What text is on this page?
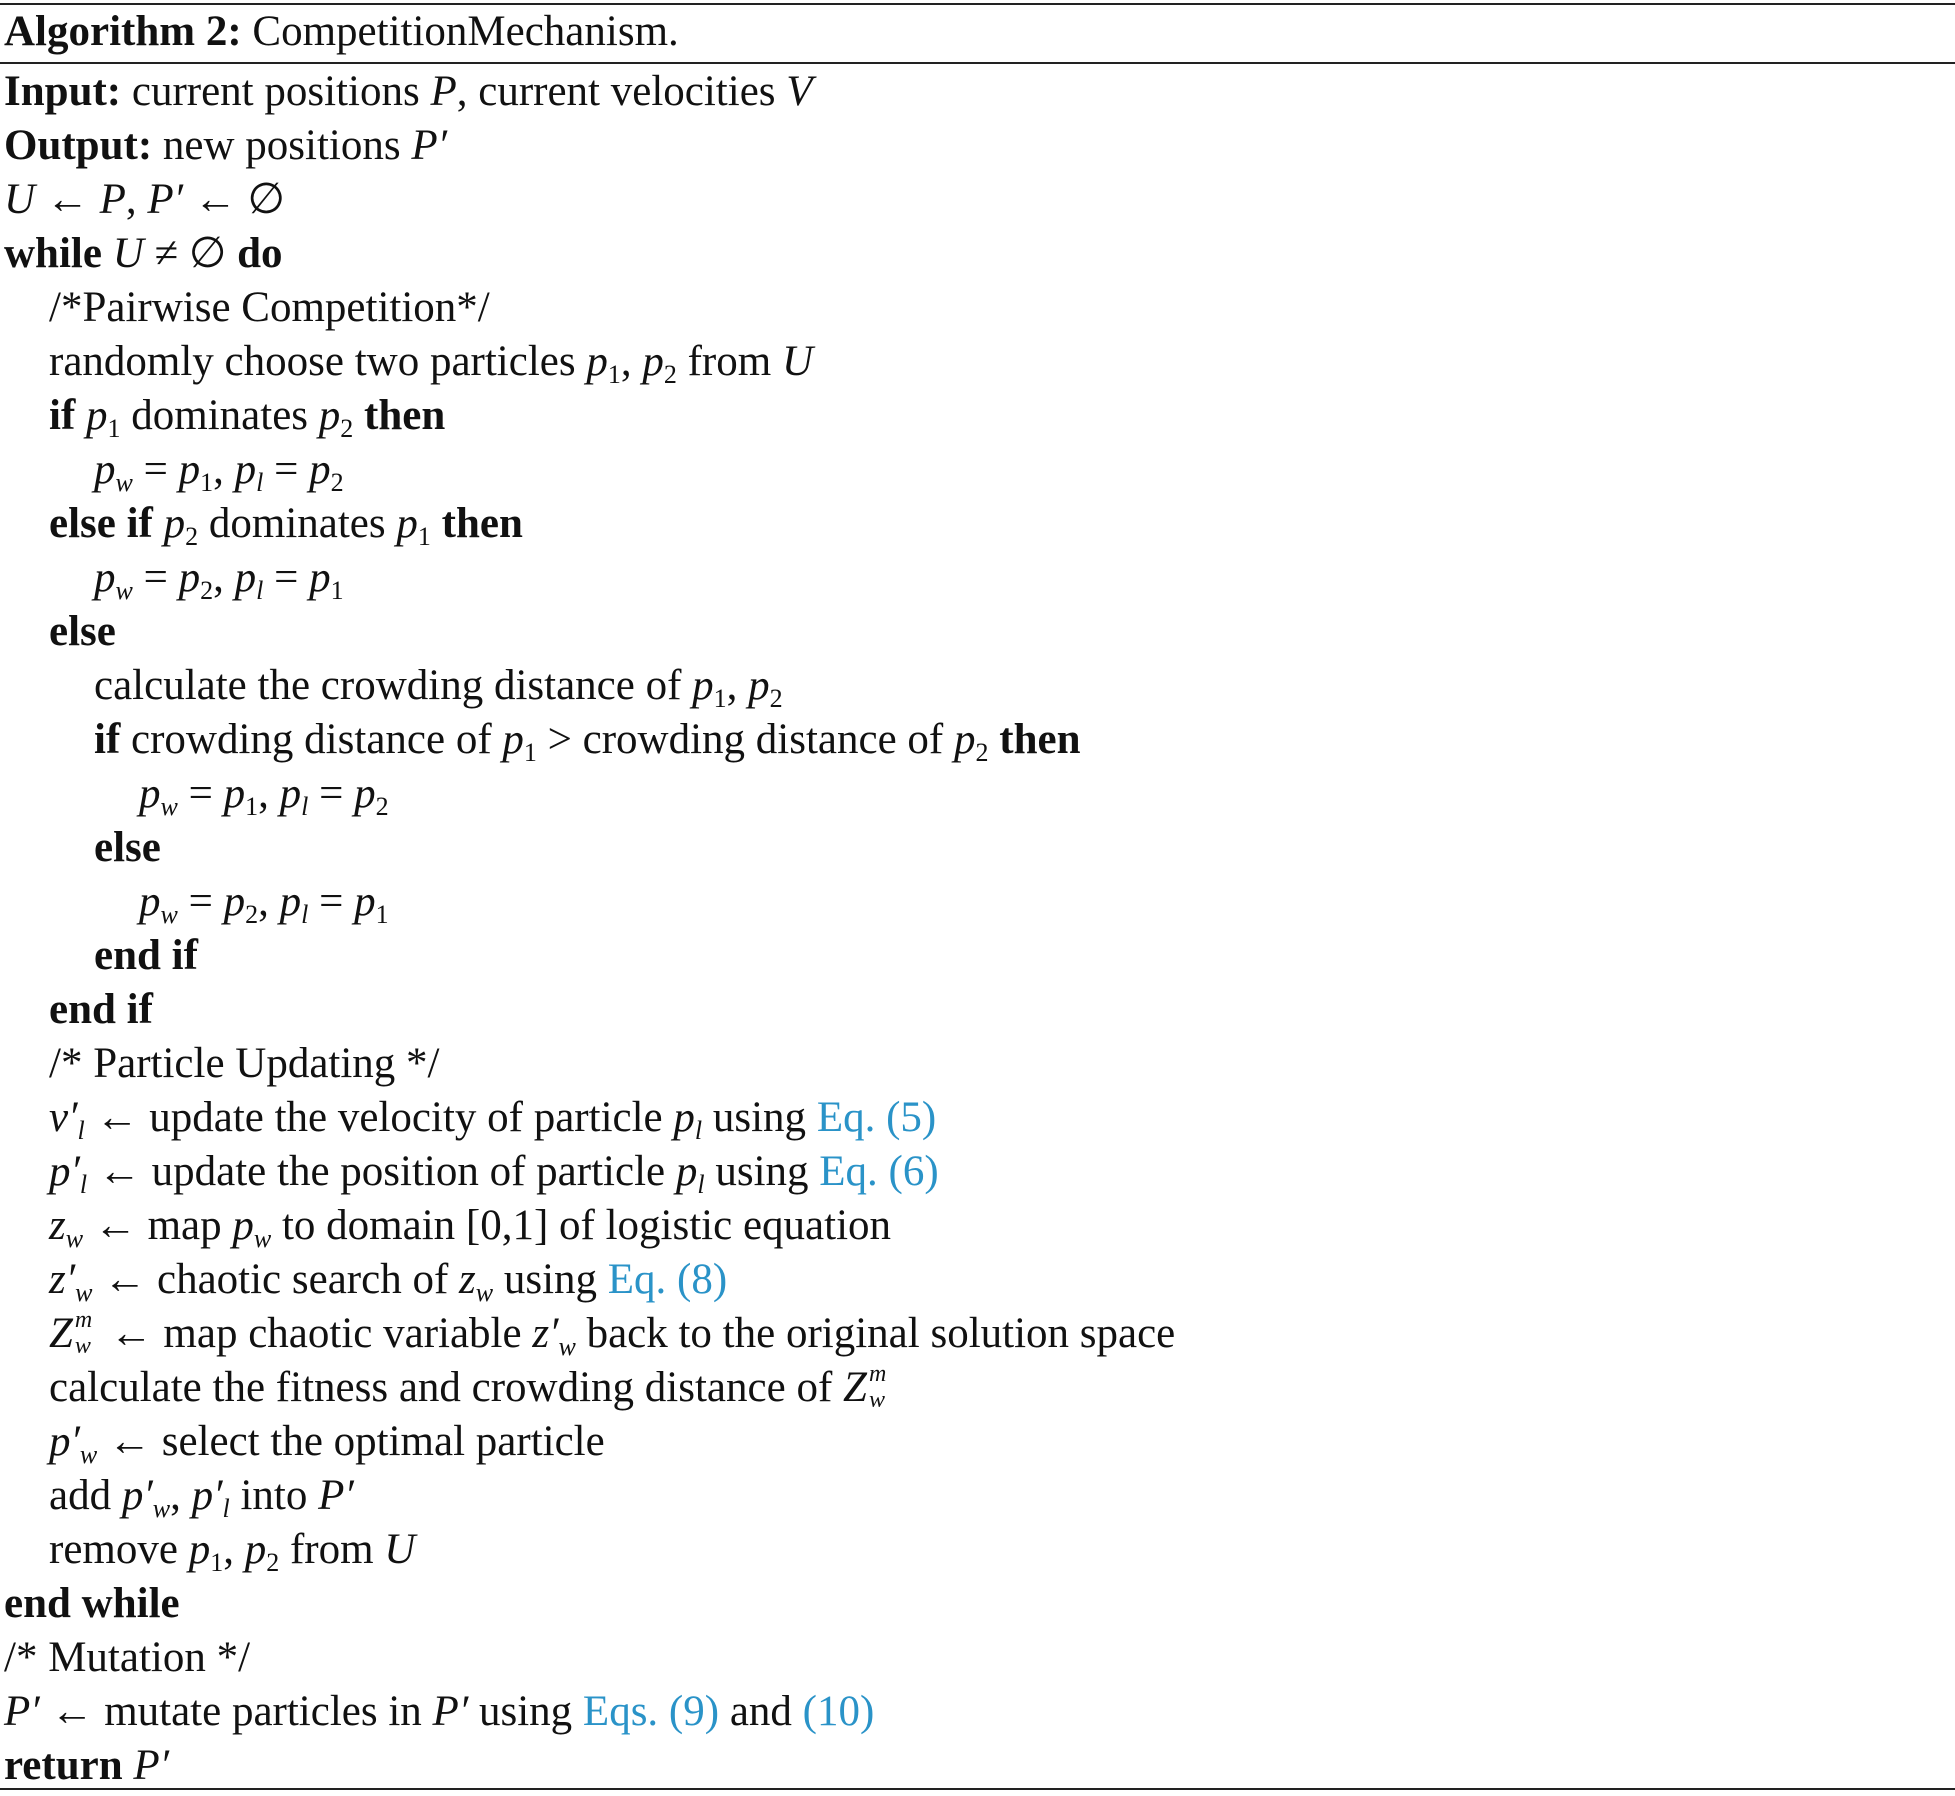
Algorithm 2: CompetitionMechanism.
Input: current positions P, current velocities V
Output: new positions P′
U ← P, P′ ← ∅
while U ≠ ∅ do
/*Pairwise Competition*/
randomly choose two particles $p_1$, $p_2$ from U
if $p_1$ dominates $p_2$ then
$p_w = p_1$, $p_l = p_2$
else if $p_2$ dominates $p_1$ then
$p_w = p_2$, $p_l = p_1$
else
calculate the crowding distance of $p_1$, $p_2$
if crowding distance of $p_1$ > crowding distance of $p_2$ then
$p_w = p_1$, $p_l = p_2$
else
$p_w = p_2$, $p_l = p_1$
end if
end if
/* Particle Updating */
$v'_l$ ← update the velocity of particle $p_l$ using Eq. (5)
$p'_l$ ← update the position of particle $p_l$ using Eq. (6)
$z_w$ ← map $p_w$ to domain [0,1] of logistic equation
$z'_w$ ← chaotic search of $z_w$ using Eq. (8)
Z m
w ← map chaotic variable $z'_w$ back to the original solution space
calculate the fitness and crowding distance of Z m
w
$p'_w$ ← select the optimal particle
add $p'_w$, $p'_l$ into P′
remove $p_1$, $p_2$ from U
end while
/* Mutation */
P′ ← mutate particles in P′ using Eqs. (9) and (10)
return P′
